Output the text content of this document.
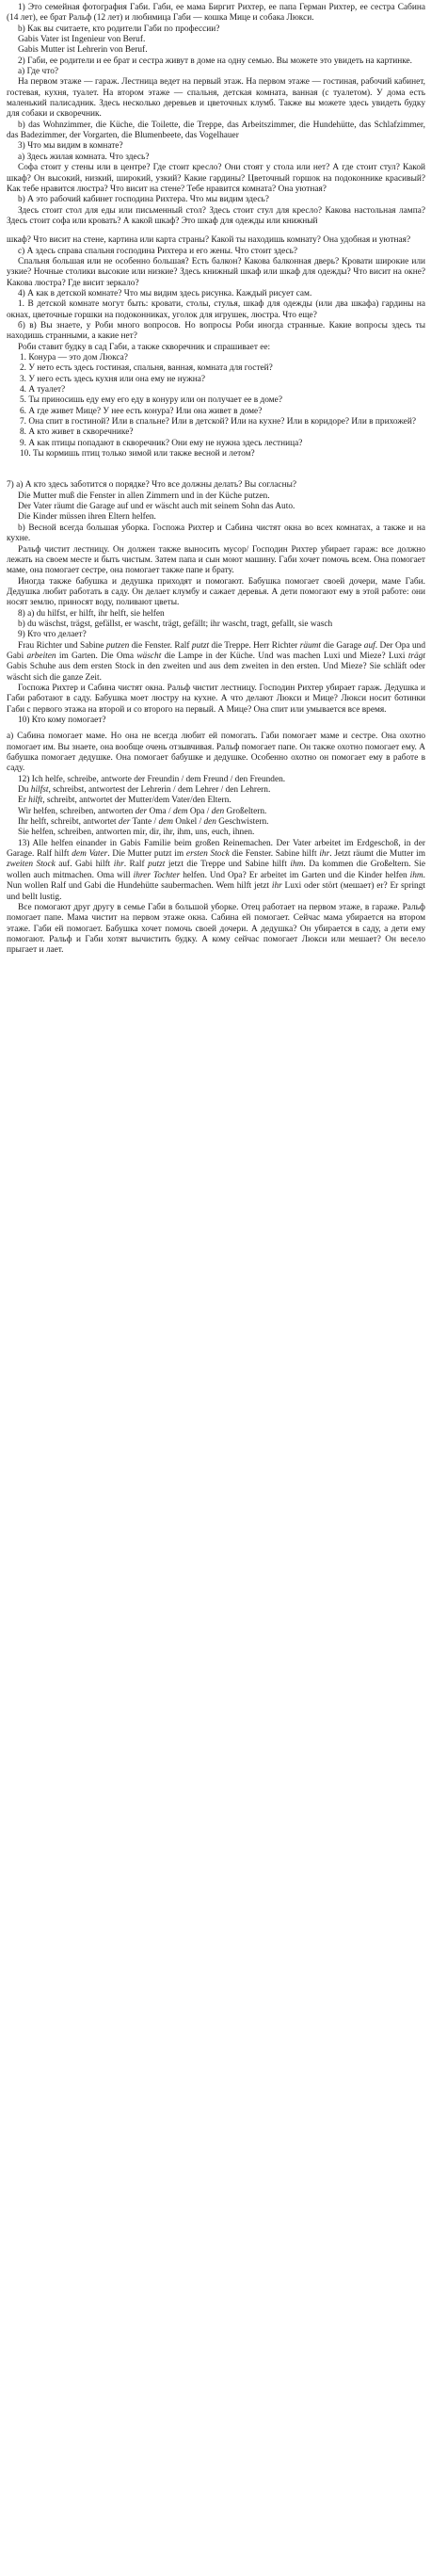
1) Это семейная фотография Габи. Габи, ее мама Биргит Рихтер, ее папа Герман Рихтер, ее сестра Сабина (14 лет), ее брат Ральф (12 лет) и любимица Габи — кошка Мице и собака Люкси.

b) Как вы считаете, кто родители Габи по профессии?

Gabis Vater ist Ingenieur von Beruf.

Gabis Mutter ist Lehrerin von Beruf.

2) Габи, ее родители и ее брат и сестра живут в доме на одну семью. Вы можете это увидеть на картинке.

а) Где что?

На первом этаже — гараж. Лестница ведет на первый этаж. На первом этаже — гостиная, рабочий кабинет, гостевая, кухня, туалет. На втором этаже — спальня, детская комната, ванная (с туалетом). У дома есть маленький палисадник. Здесь несколько деревьев и цветочных клумб. Также вы можете здесь увидеть будку для собаки и скворечник.

b) das Wohnzimmer, die Küche, die Toilette, die Treppe, das Arbeitszimmer, die Hundehütte, das Schlafzimmer, das Badezimmer, der Vorgarten, die Blumenbeete, das Vogelhauer

3) Что мы видим в комнате?

а) Здесь жилая комната. Что здесь?

Софа стоит у стены или в центре? Где стоит кресло? Они стоят у стола или нет? А где стоит стул? Какой шкаф? Он высокий, низкий, широкий, узкий? Какие гардины? Цветочный горшок на подоконнике красивый? Как тебе нравится люстра? Что висит на стене? Тебе нравится комната? Она уютная?

b) А это рабочий кабинет господина Рихтера. Что мы видим здесь?

Здесь стоит стол для еды или письменный стол? Здесь стоит стул для кресло? Какова настольная лампа? Здесь стоит софа или кровать? А какой шкаф? Это шкаф для одежды или книжный

шкаф? Что висит на стене, картина или карта страны? Какой ты находишь комнату? Она удобная и уютная?

с) А здесь справа спальня господина Рихтера и его жены. Что стоит здесь?

Спальня большая или не особенно большая? Есть балкон? Какова балконная дверь? Кровати широкие или узкие? Ночные столики высокие или низкие? Здесь книжный шкаф или шкаф для одежды? Что висит на окне? Какова люстра? Где висит зеркало?

4) А как в детской комнате? Что мы видим здесь рисунка. Каждый рисует сам.

1. В детской комнате могут быть: кровати, столы, стулья, шкаф для одежды (или два шкафа) гардины на окнах, цветочные горшки на подоконниках, уголок для игрушек, люстра. Что еще?

б) в) Вы знаете, у Роби много вопросов. Но вопросы Роби иногда странные. Какие вопросы здесь ты находишь странными, а какие нет?

Роби ставит будку в сад Габи, а также скворечник и спрашивает ее:

1. Конура — это дом Люкса?

2. У нето есть здесь гостиная, спальня, ванная, комната для гостей?

3. У него есть здесь кухня или она ему не нужна?

4. А туалет?

5. Ты приносишь еду ему его еду в конуру или он получает ее в доме?

6. А где живет Мице? У нее есть конура? Или она живет в доме?

7. Она спит в гостиной? Или в спальне? Или в детской? Или на кухне? Или в коридоре? Или в прихожей?

8. А кто живет в скворечнике?

9. А как птицы попадают в скворечник? Они ему не нужна здесь лестница?

10. Ты кормишь птиц только зимой или также весной и летом?

7) а) А кто здесь заботится о порядке? Что все должны делать? Вы согласны?

Die Mutter muß die Fenster in allen Zimmern und in der Küche putzen.

Der Vater räumt die Garage auf und er wäscht auch mit seinem Sohn das Auto.

Die Kinder müssen ihren Eltern helfen.

b) Весной всегда большая уборка. Госпожа Рихтер и Сабина чистят окна во всех комнатах, а также и на кухне.

Ральф чистит лестницу. Он должен также выносить мусор/ Господин Рихтер убирает гараж: все должно лежать на своем месте и быть чистым. Затем папа и сын моют машину. Габи хочет помочь всем. Она помогает маме, она помогает сестре, она помогает также папе и брату.

Иногда также бабушка и дедушка приходят и помогают. Бабушка помогает своей дочери, маме Габи. Дедушка любит работать в саду. Он делает клумбу и сажает деревья. А дети помогают ему в этой работе: они носят землю, приносят воду, поливают цветы.

8) а) du hilfst, er hilft, ihr helft, sie helfen

b) du wäschst, trägst, gefällst, er wascht, trägt, gefällt; ihr wascht, tragt, gefallt, sie wasch

9) Кто что делает?

Frau Richter und Sabine putzen die Fenster. Ralf putzt die Treppe. Herr Richter räumt die Garage auf. Der Opa und Gabi arbeiten im Garten. Die Oma wäscht die Lampe in der Küche. Und was machen Luxi und Mieze? Luxi trägt Gabis Schuhe aus dem ersten Stock in den zweiten und aus dem zweiten in den ersten. Und Mieze? Sie schläft oder wäscht sich die ganze Zeit.

Госпожа Рихтер и Сабина чистят окна. Ральф чистит лестницу. Господин Рихтер убирает гараж. Дедушка и Габи работают в саду. Бабушка моет люстру на кухне. А что делают Люкси и Мице? Люкси носит ботинки Габи с первого этажа на второй и со второго на первый. А Мице? Она спит или умывается все время.

10) Кто кому помогает?

а) Сабина помогает маме. Но она не всегда любит ей помогать. Габи помогает маме и сестре. Она охотно помогает им. Вы знаете, она вообще очень отзывчивая. Ральф помогает папе. Он также охотно помогает ему. А бабушка помогает дедушке. Она помогает бабушке и дедушке. Особенно охотно он помогает ему в работе в саду.

12) Ich helfe, schreibe, antworte der Freundin / dem Freund / den Freunden.

Du hilfst, schreibst, antwortest der Lehrerin / dem Lehrer / den Lehrern.

Er hilft, schreibt, antwortet der Mutter/dem Vater/den Eltern.

Wir helfen, schreiben, antworten der Oma / dem Opa / den Großeltern.

Ihr helft, schreibt, antwortet der Tante / dem Onkel / den Geschwistern.

Sie helfen, schreiben, antworten mir, dir, ihr, ihm, uns, euch, ihnen.

13) Alle helfen einander in Gabis Familie beim großen Reinemachen. Der Vater arbeitet im Erdgeschoß, in der Garage. Ralf hilft dem Vater. Die Mutter putzt im ersten Stock die Fenster. Sabine hilft ihr. Jetzt räumt die Mutter im zweiten Stock auf. Gabi hilft ihr. Ralf putzt jetzt die Treppe und Sabine hilft ihm. Da kommen die Großeltern. Sie wollen auch mitmachen. Oma will ihrer Tochter helfen. Und Opa? Er arbeitet im Garten und die Kinder helfen ihm. Nun wollen Ralf und Gabi die Hundehütte saubermachen. Wem hilft jetzt ihr Luxi oder stört (мешает) er? Er springt und bellt lustig.

Все помогают друг другу в семье Габи в большой уборке. Отец работает на первом этаже, в гараже. Ральф помогает папе. Мама чистит на первом этаже окна. Сабина ей помогает. Сейчас мама убирается на втором этаже. Габи ей помогает. Бабушка хочет помочь своей дочери. А дедушка? Он убирается в саду, а дети ему помогают. Ральф и Габи хотят вычистить будку. А кому сейчас помогает Люкси или мешает? Он весело прыгает и лает.
